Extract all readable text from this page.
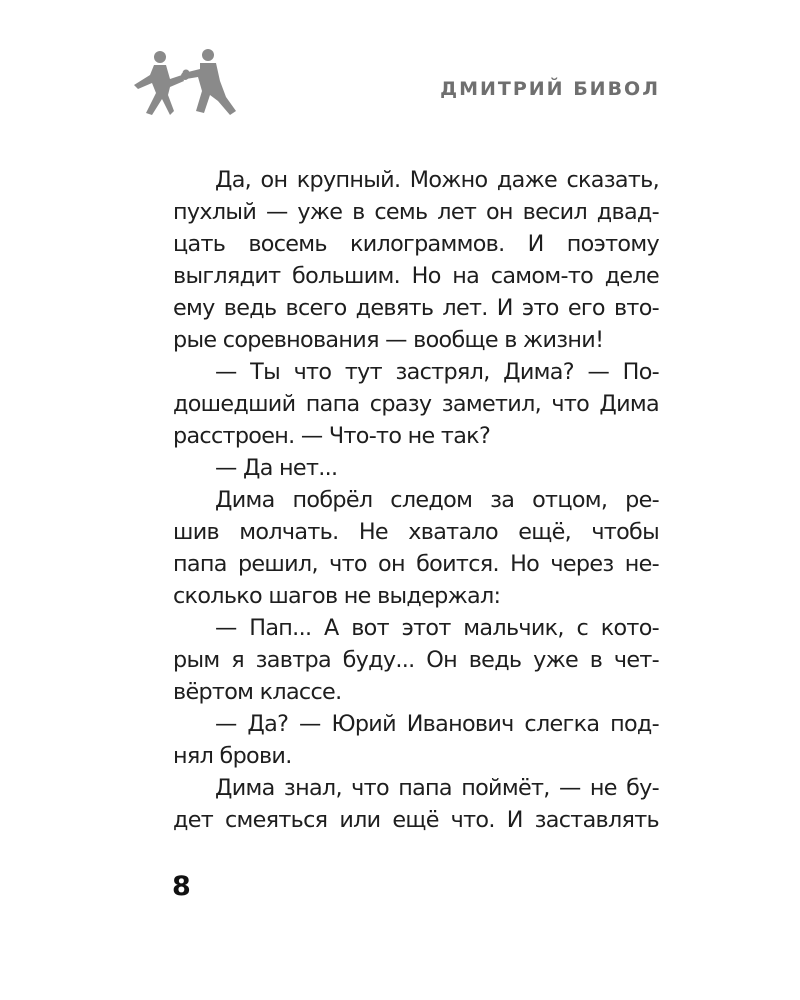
ДМИТРИЙ БИВОЛ
Да, он крупный. Можно даже сказать,
пухлый — уже в семь лет он весил двад-
цать восемь килограммов. И поэтому
выглядит большим. Но на самом-то деле
ему ведь всего девять лет. И это его вто-
рые соревнования — вообще в жизни!
— Ты что тут застрял, Дима? — По-
дошедший папа сразу заметил, что Дима
расстроен. — Что-то не так?
— Да нет...
Дима побрёл следом за отцом, ре-
шив молчать. Не хватало ещё, чтобы
папа решил, что он боится. Но через не-
сколько шагов не выдержал:
— Пап... А вот этот мальчик, с кото-
рым я завтра буду... Он ведь уже в чет-
вёртом классе.
— Да? — Юрий Иванович слегка под-
нял брови.
Дима знал, что папа поймёт, — не бу-
дет смеяться или ещё что. И заставлять
8
